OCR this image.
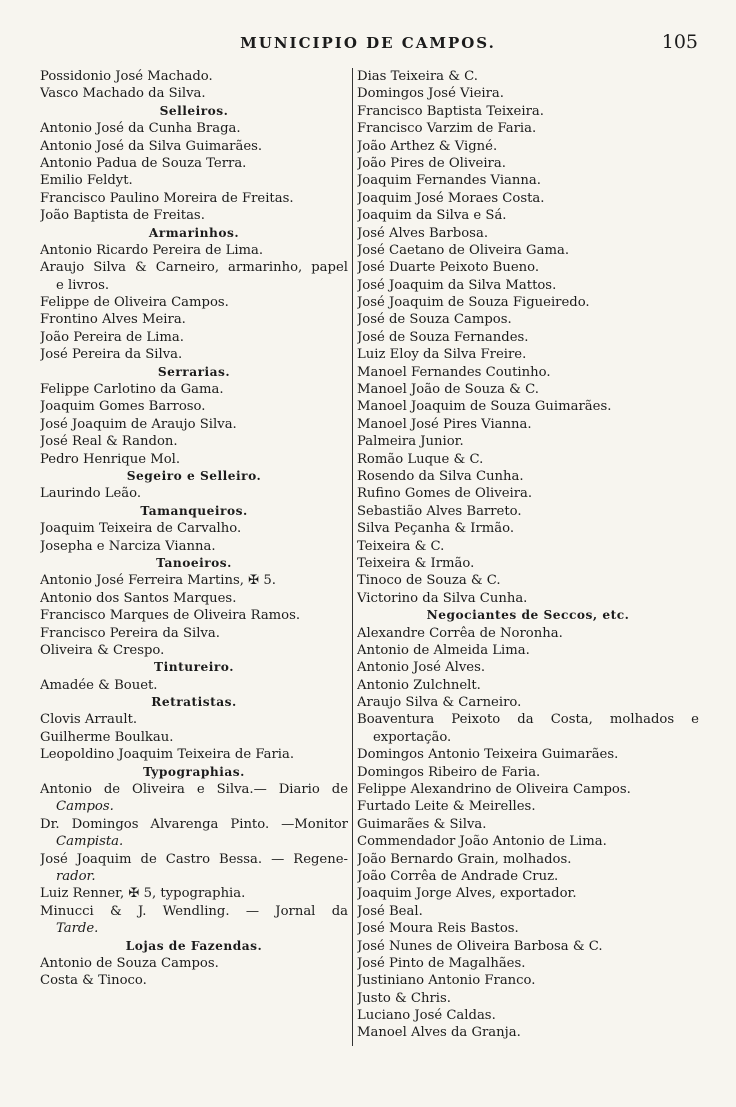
MUNICIPIO DE CAMPOS.	105
Possidonio José Machado.
Vasco Machado da Silva.
Selleiros.
Antonio José da Cunha Braga.
Antonio José da Silva Guimarães.
Antonio Padua de Souza Terra.
Emilio Feldyt.
Francisco Paulino Moreira de Freitas.
João Baptista de Freitas.
Armarinhos.
Antonio Ricardo Pereira de Lima.
Araujo Silva & Carneiro, armarinho, papel
e livros.
Felippe de Oliveira Campos.
Frontino Alves Meira.
João Pereira de Lima.
José Pereira da Silva.
Serrarias.
Felippe Carlotino da Gama.
Joaquim Gomes Barroso.
José Joaquim de Araujo Silva.
José Real & Randon.
Pedro Henrique Mol.
Segeiro e Selleiro.
Laurindo Leão.
Tamanqueiros.
Joaquim Teixeira de Carvalho.
Josepha e Narciza Vianna.
Tanoeiros.
Antonio José Ferreira Martins, ✠ 5.
Antonio dos Santos Marques.
Francisco Marques de Oliveira Ramos.
Francisco Pereira da Silva.
Oliveira & Crespo.
Tintureiro.
Amadée & Bouet.
Retratistas.
Clovis Arrault.
Guilherme Boulkau.
Leopoldino Joaquim Teixeira de Faria.
Typographias.
Antonio de Oliveira e Silva.— Diario de
Campos.
Dr. Domingos Alvarenga Pinto. —Monitor
Campista.
José Joaquim de Castro Bessa. — Regene-
rador.
Luiz Renner, ✠ 5, typographia.
Minucci & J. Wendling. — Jornal da
Tarde.
Lojas de Fazendas.
Antonio de Souza Campos.
Costa & Tinoco.
Dias Teixeira & C.
Domingos José Vieira.
Francisco Baptista Teixeira.
Francisco Varzim de Faria.
João Arthez & Vigné.
João Pires de Oliveira.
Joaquim Fernandes Vianna.
Joaquim José Moraes Costa.
Joaquim da Silva e Sá.
José Alves Barbosa.
José Caetano de Oliveira Gama.
José Duarte Peixoto Bueno.
José Joaquim da Silva Mattos.
José Joaquim de Souza Figueiredo.
José de Souza Campos.
José de Souza Fernandes.
Luiz Eloy da Silva Freire.
Manoel Fernandes Coutinho.
Manoel João de Souza & C.
Manoel Joaquim de Souza Guimarães.
Manoel José Pires Vianna.
Palmeira Junior.
Romão Luque & C.
Rosendo da Silva Cunha.
Rufino Gomes de Oliveira.
Sebastião Alves Barreto.
Silva Peçanha & Irmão.
Teixeira & C.
Teixeira & Irmão.
Tinoco de Souza & C.
Victorino da Silva Cunha.
Negociantes de Seccos, etc.
Alexandre Corrêa de Noronha.
Antonio de Almeida Lima.
Antonio José Alves.
Antonio Zulchnelt.
Araujo Silva & Carneiro.
Boaventura Peixoto da Costa, molhados e
exportação.
Domingos Antonio Teixeira Guimarães.
Domingos Ribeiro de Faria.
Felippe Alexandrino de Oliveira Campos.
Furtado Leite & Meirelles.
Guimarães & Silva.
Commendador João Antonio de Lima.
João Bernardo Grain, molhados.
João Corrêa de Andrade Cruz.
Joaquim Jorge Alves, exportador.
José Beal.
José Moura Reis Bastos.
José Nunes de Oliveira Barbosa & C.
José Pinto de Magalhães.
Justiniano Antonio Franco.
Justo & Chris.
Luciano José Caldas.
Manoel Alves da Granja.
